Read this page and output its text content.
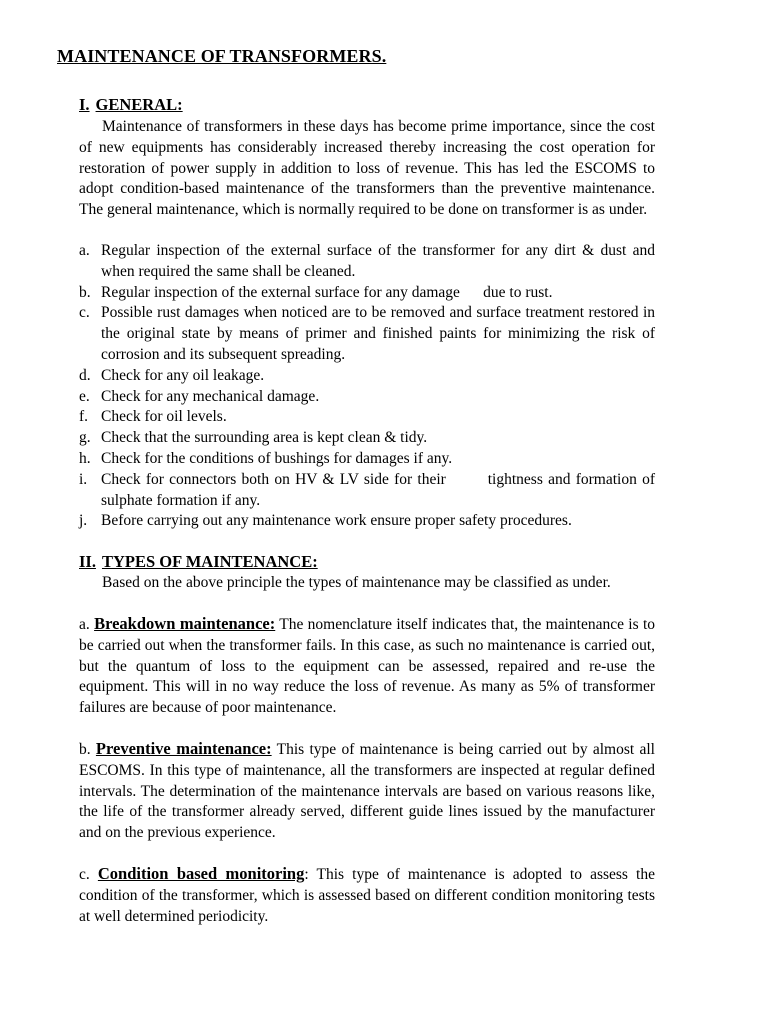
MAINTENANCE OF TRANSFORMERS.
I. GENERAL:

Maintenance of transformers in these days has become prime importance, since the cost of new equipments has considerably increased thereby increasing the cost operation for restoration of power supply in addition to loss of revenue. This has led the ESCOMS to adopt condition-based maintenance of the transformers than the preventive maintenance. The general maintenance, which is normally required to be done on transformer is as under.

a. Regular inspection of the external surface of the transformer for any dirt & dust and when required the same shall be cleaned.
b. Regular inspection of the external surface for any damage      due to rust.
c. Possible rust damages when noticed are to be removed and surface treatment restored in the original state by means of primer and finished paints for minimizing the risk of corrosion and its subsequent spreading.
d. Check for any oil leakage.
e. Check for any mechanical damage.
f. Check for oil levels.
g. Check that the surrounding area is kept clean & tidy.
h. Check for the conditions of bushings for damages if any.
i. Check for connectors both on HV & LV side for their        tightness and formation of sulphate formation if any.
j. Before carrying out any maintenance work ensure proper safety procedures.
II. TYPES OF MAINTENANCE:

Based on the above principle the types of maintenance may be classified as under.

a. Breakdown maintenance: The nomenclature itself indicates that, the maintenance is to be carried out when the transformer fails. In this case, as such no maintenance is carried out, but the quantum of loss to the equipment can be assessed, repaired and re-use the equipment. This will in no way reduce the loss of revenue. As many as 5% of transformer failures are because of poor maintenance.

b. Preventive maintenance: This type of maintenance is being carried out by almost all ESCOMS. In this type of maintenance, all the transformers are inspected at regular defined intervals. The determination of the maintenance intervals are based on various reasons like, the life of the transformer already served, different guide lines issued by the manufacturer and on the previous experience.

c. Condition based monitoring: This type of maintenance is adopted to assess the condition of the transformer, which is assessed based on different condition monitoring tests at well determined periodicity.
